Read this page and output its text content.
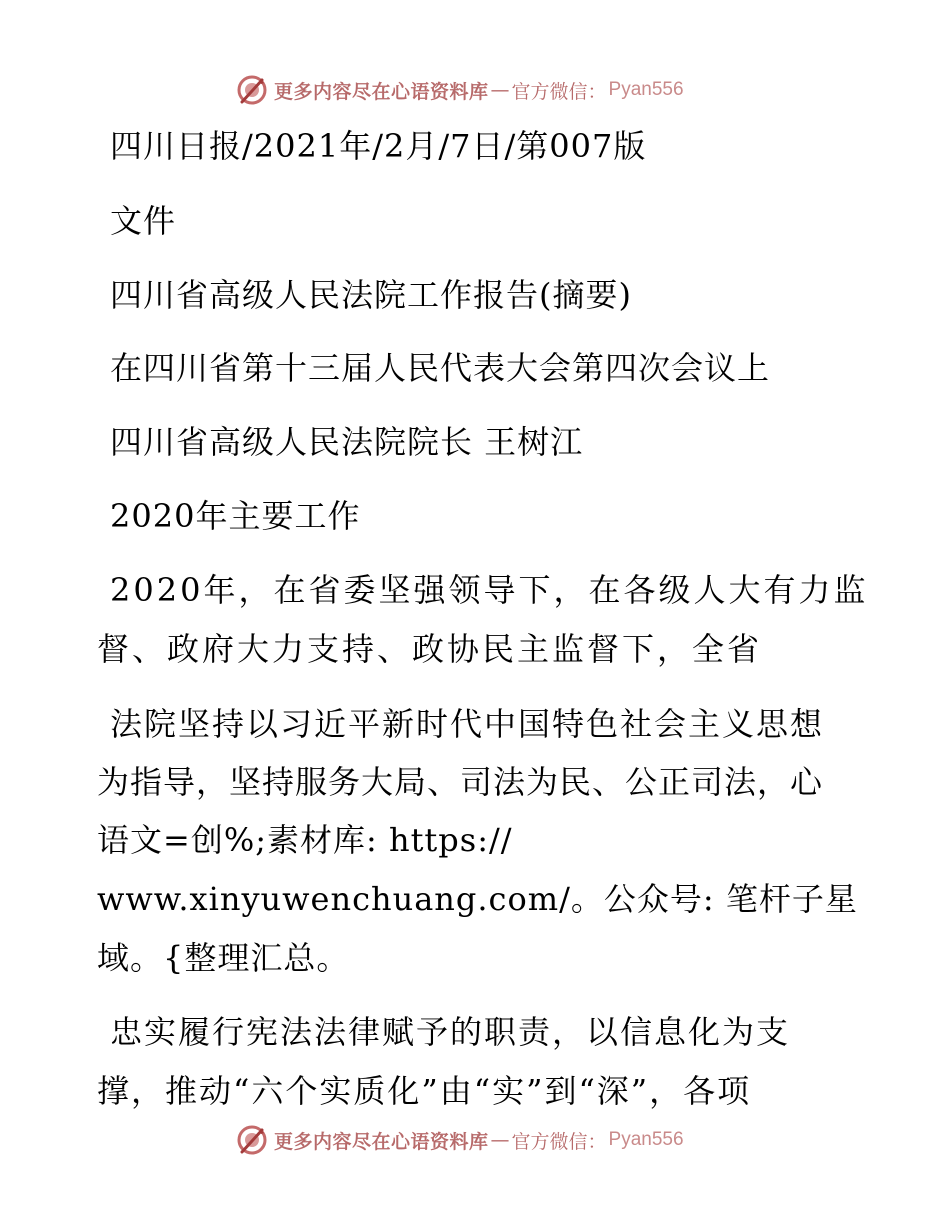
更多内容尽在心语资料库 — 官方微信： Pyan556
四川日报/2021年/2月/7日/第007版
文件
四川省高级人民法院工作报告(摘要)
在四川省第十三届人民代表大会第四次会议上
四川省高级人民法院院长 王树江
2020年主要工作
2020年，在省委坚强领导下，在各级人大有力监
督、政府大力支持、政协民主监督下，全省
法院坚持以习近平新时代中国特色社会主义思想
为指导，坚持服务大局、司法为民、公正司法，心
语文=创%;素材库: https://
www.xinyuwenchuang.com/。公众号: 笔杆子星
域。{整理汇总。
忠实履行宪法法律赋予的职责，以信息化为支
撑，推动“六个实质化”由“实”到“深”，各项
更多内容尽在心语资料库 — 官方微信： Pyan556
